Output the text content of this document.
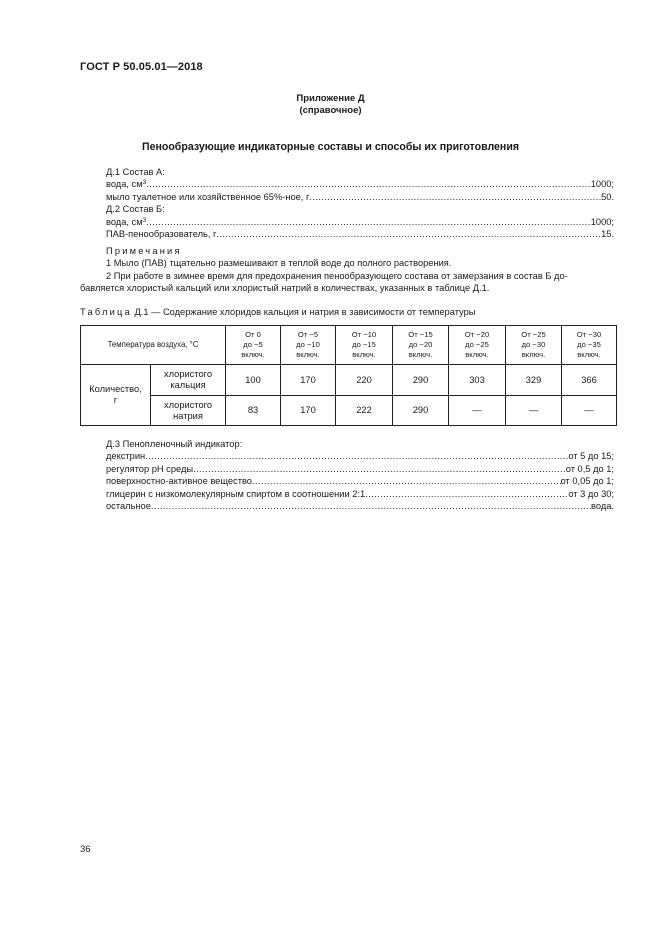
ГОСТ Р 50.05.01—2018
Приложение Д
(справочное)
Пенообразующие индикаторные составы и способы их приготовления
Д.1 Состав А:
вода, $см^3$ .....	1000;
мыло туалетное или хозяйственное 65%-ное, г .....	50.
Д.2 Состав Б:
вода, $см^3$ .....	1000;
ПАВ-пенообразователь, г .....	15.
Примечания
1 Мыло (ПАВ) тщательно размешивают в теплой воде до полного растворения.
2 При работе в зимнее время для предохранения пенообразующего состава от замерзания в состав Б до-
бавляется хлористый кальций или хлористый натрий в количествах, указанных в таблице Д.1.
Таблица Д.1 — Содержание хлоридов кальция и натрия в зависимости от температуры
Температура воздуха, °С		От 0
до −5
включ.	От −5
до −10
включ.	От −10
до −15
включ.	От −15
до −20
включ.	От −20
до −25
включ.	От −25
до −30
включ.	От −30
до −35
включ.
Количество,
г	хлористого
кальция	100	170	220	290	303	329	366
	хлористого
натрия	83	170	222	290	—	—	—
Д.3 Пенопленочный индикатор:
декстрин .....	от 5 до 15;
регулятор рН среды .....	от 0,5 до 1;
поверхностно-активное вещество .....	от 0,05 до 1;
глицерин с низкомолекулярным спиртом в соотношении 2:1 .....	от 3 до 30;
остальное .....	вода.
36
